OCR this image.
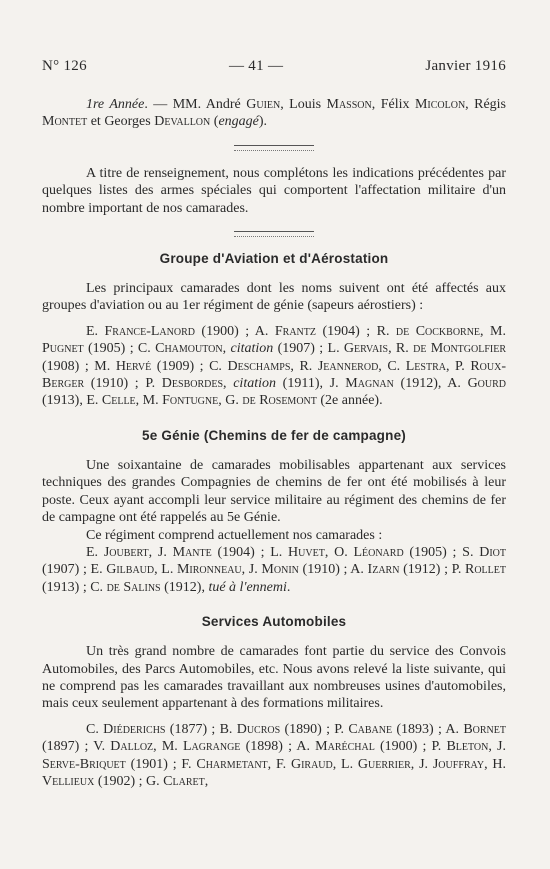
N° 126	— 41 —	Janvier 1916

1re Année. — MM. André Guien, Louis Masson, Félix Micolon, Régis Montet et Georges Devallon (engagé).

A titre de renseignement, nous complétons les indications précédentes par quelques listes des armes spéciales qui comportent l'affectation militaire d'un nombre important de nos camarades.

Groupe d'Aviation et d'Aérostation

Les principaux camarades dont les noms suivent ont été affectés aux groupes d'aviation ou au 1er régiment de génie (sapeurs aérostiers) :

E. France-Lanord (1900) ; A. Frantz (1904) ; R. de Cockborne, M. Pugnet (1905) ; C. Chamouton, citation (1907) ; L. Gervais, R. de Montgolfier (1908) ; M. Hervé (1909) ; C. Deschamps, R. Jeannerod, C. Lestra, P. Roux-Berger (1910) ; P. Desbordes, citation (1911), J. Magnan (1912), A. Gourd (1913), E. Celle, M. Fontugne, G. de Rosemont (2e année).

5e Génie (Chemins de fer de campagne)

Une soixantaine de camarades mobilisables appartenant aux services techniques des grandes Compagnies de chemins de fer ont été mobilisés à leur poste. Ceux ayant accompli leur service militaire au régiment des chemins de fer de campagne ont été rappelés au 5e Génie.

Ce régiment comprend actuellement nos camarades :

E. Joubert, J. Mante (1904) ; L. Huvet, O. Léonard (1905) ; S. Diot (1907) ; E. Gilbaud, L. Mironneau, J. Monin (1910) ; A. Izarn (1912) ; P. Rollet (1913) ; C. de Salins (1912), tué à l'ennemi.

Services Automobiles

Un très grand nombre de camarades font partie du service des Convois Automobiles, des Parcs Automobiles, etc. Nous avons relevé la liste suivante, qui ne comprend pas les camarades travaillant aux nombreuses usines d'automobiles, mais ceux seulement appartenant à des formations militaires.

C. Diéderichs (1877) ; B. Ducros (1890) ; P. Cabane (1893) ; A. Bornet (1897) ; V. Dalloz, M. Lagrange (1898) ; A. Maréchal (1900) ; P. Bleton, J. Serve-Briquet (1901) ; F. Charmetant, F. Giraud, L. Guerrier, J. Jouffray, H. Vellieux (1902) ; G. Claret,
